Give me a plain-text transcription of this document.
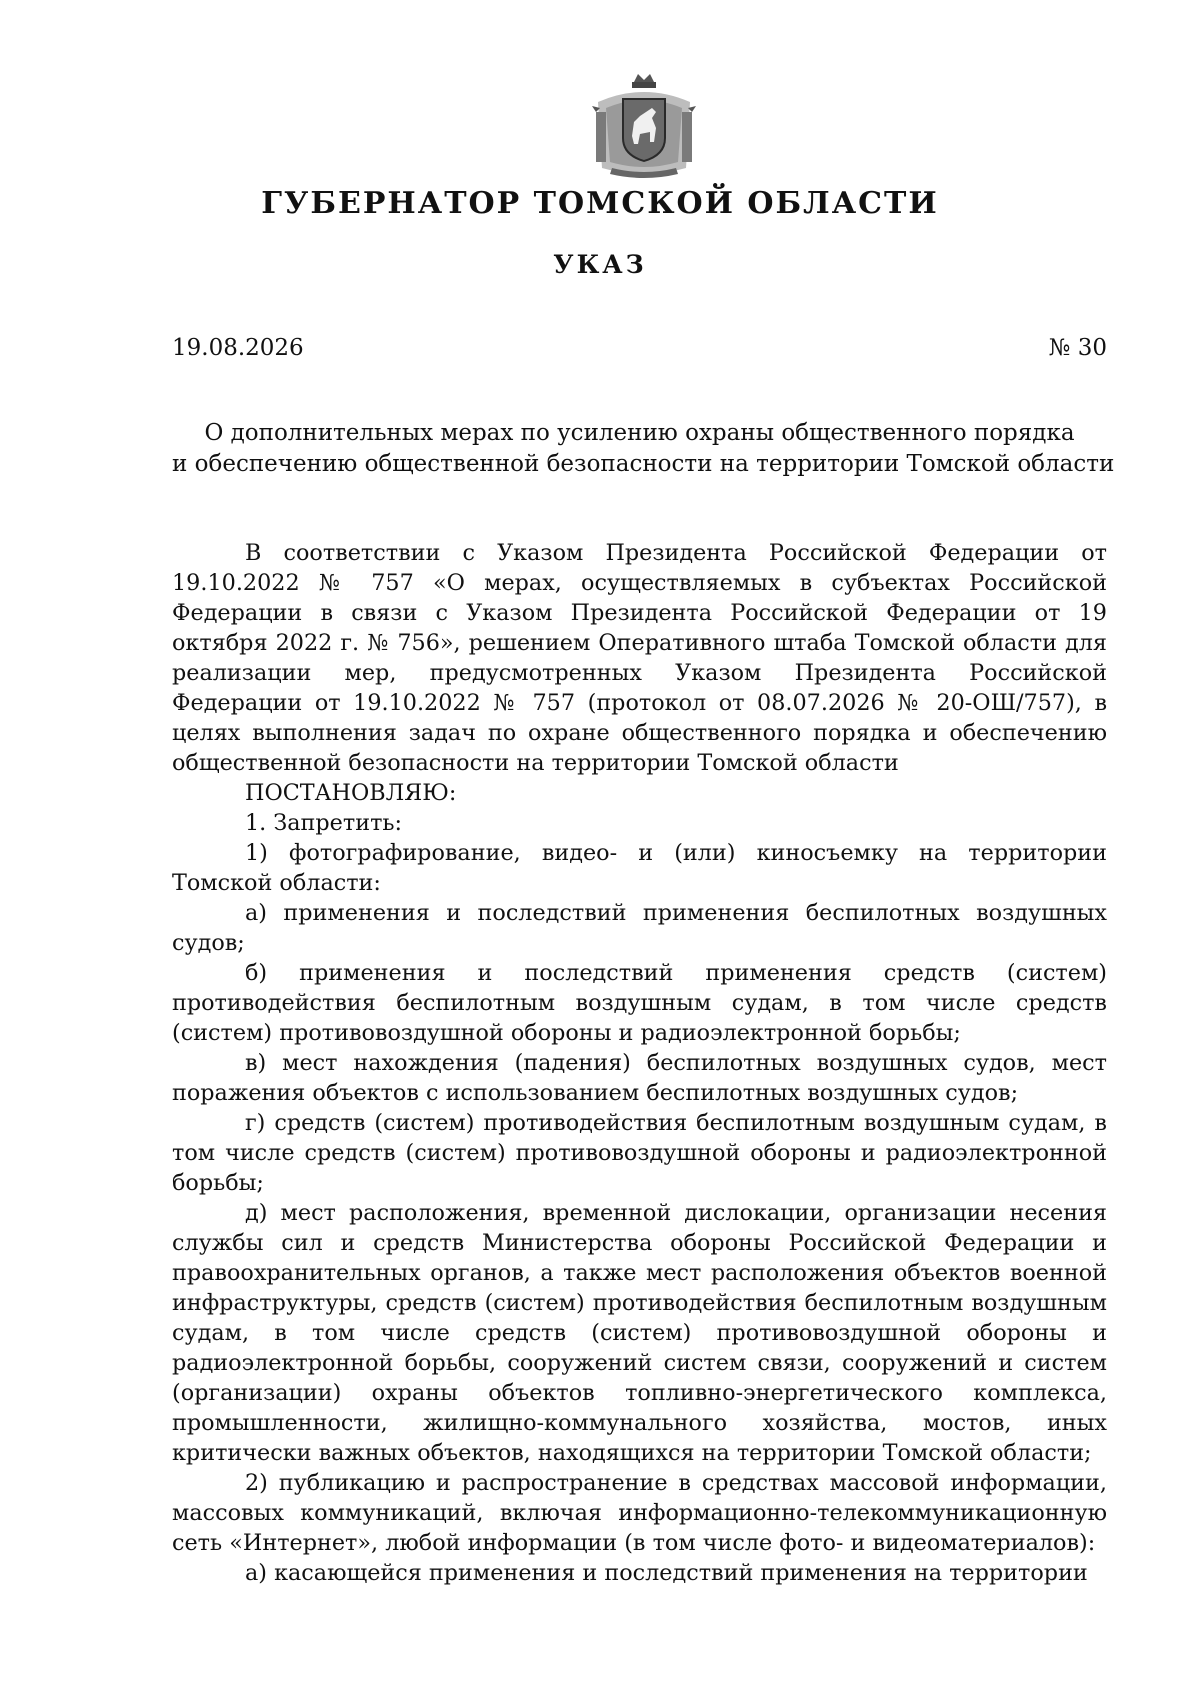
ГУБЕРНАТОР ТОМСКОЙ ОБЛАСТИ
УКАЗ
19.08.2026	№ 30
О дополнительных мерах по усилению охраны общественного порядка
и обеспечению общественной безопасности на территории Томской области

В соответствии с Указом Президента Российской Федерации от 19.10.2022 № 757 «О мерах, осуществляемых в субъектах Российской Федерации в связи с Указом Президента Российской Федерации от 19 октября 2022 г. № 756», решением Оперативного штаба Томской области для реализации мер, предусмотренных Указом Президента Российской Федерации от 19.10.2022 № 757 (протокол от 08.07.2026 № 20-ОШ/757), в целях выполнения задач по охране общественного порядка и обеспечению общественной безопасности на территории Томской области

ПОСТАНОВЛЯЮ:

1. Запретить:

1) фотографирование, видео- и (или) киносъемку на территории Томской области:

а) применения и последствий применения беспилотных воздушных судов;

б) применения и последствий применения средств (систем) противодействия беспилотным воздушным судам, в том числе средств (систем) противовоздушной обороны и радиоэлектронной борьбы;

в) мест нахождения (падения) беспилотных воздушных судов, мест поражения объектов с использованием беспилотных воздушных судов;

г) средств (систем) противодействия беспилотным воздушным судам, в том числе средств (систем) противовоздушной обороны и радиоэлектронной борьбы;

д) мест расположения, временной дислокации, организации несения службы сил и средств Министерства обороны Российской Федерации и правоохранительных органов, а также мест расположения объектов военной инфраструктуры, средств (систем) противодействия беспилотным воздушным судам, в том числе средств (систем) противовоздушной обороны и радиоэлектронной борьбы, сооружений систем связи, сооружений и систем (организации) охраны объектов топливно-энергетического комплекса, промышленности, жилищно-коммунального хозяйства, мостов, иных критически важных объектов, находящихся на территории Томской области;

2) публикацию и распространение в средствах массовой информации, массовых коммуникаций, включая информационно-телекоммуникационную сеть «Интернет», любой информации (в том числе фото- и видеоматериалов):

а) касающейся применения и последствий применения на территории
